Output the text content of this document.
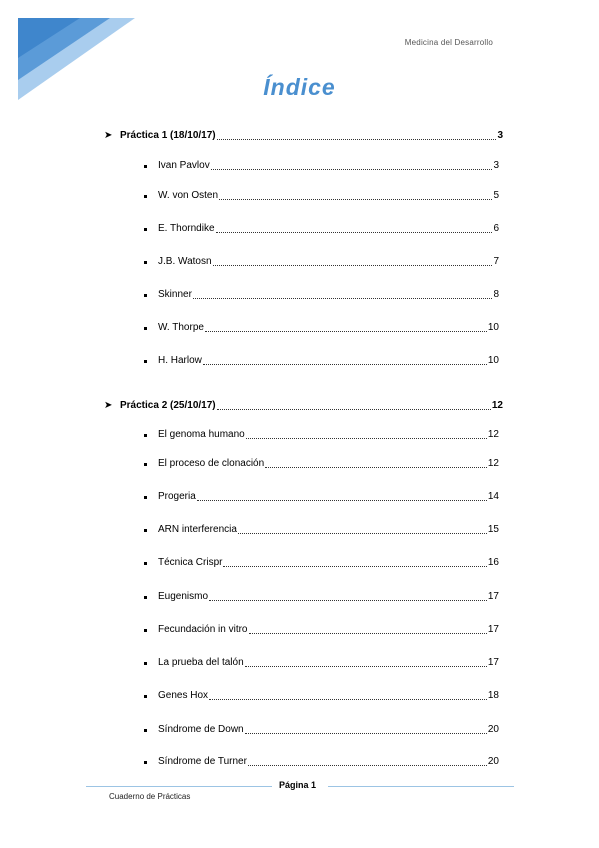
Medicina del Desarrollo
Índice
➤ Práctica 1 (18/10/17)	3
Ivan Pavlov	3
W. von Osten	5
E. Thorndike	6
J.B. Watosn	7
Skinner	8
W. Thorpe	10
H. Harlow	10
➤ Práctica 2 (25/10/17)	12
El genoma humano	12
El proceso de clonación	12
Progeria	14
ARN interferencia	15
Técnica Crispr	16
Eugenismo	17
Fecundación in vitro	17
La prueba del talón	17
Genes Hox	18
Síndrome de Down	20
Síndrome de Turner	20
Página 1
Cuaderno de Prácticas
